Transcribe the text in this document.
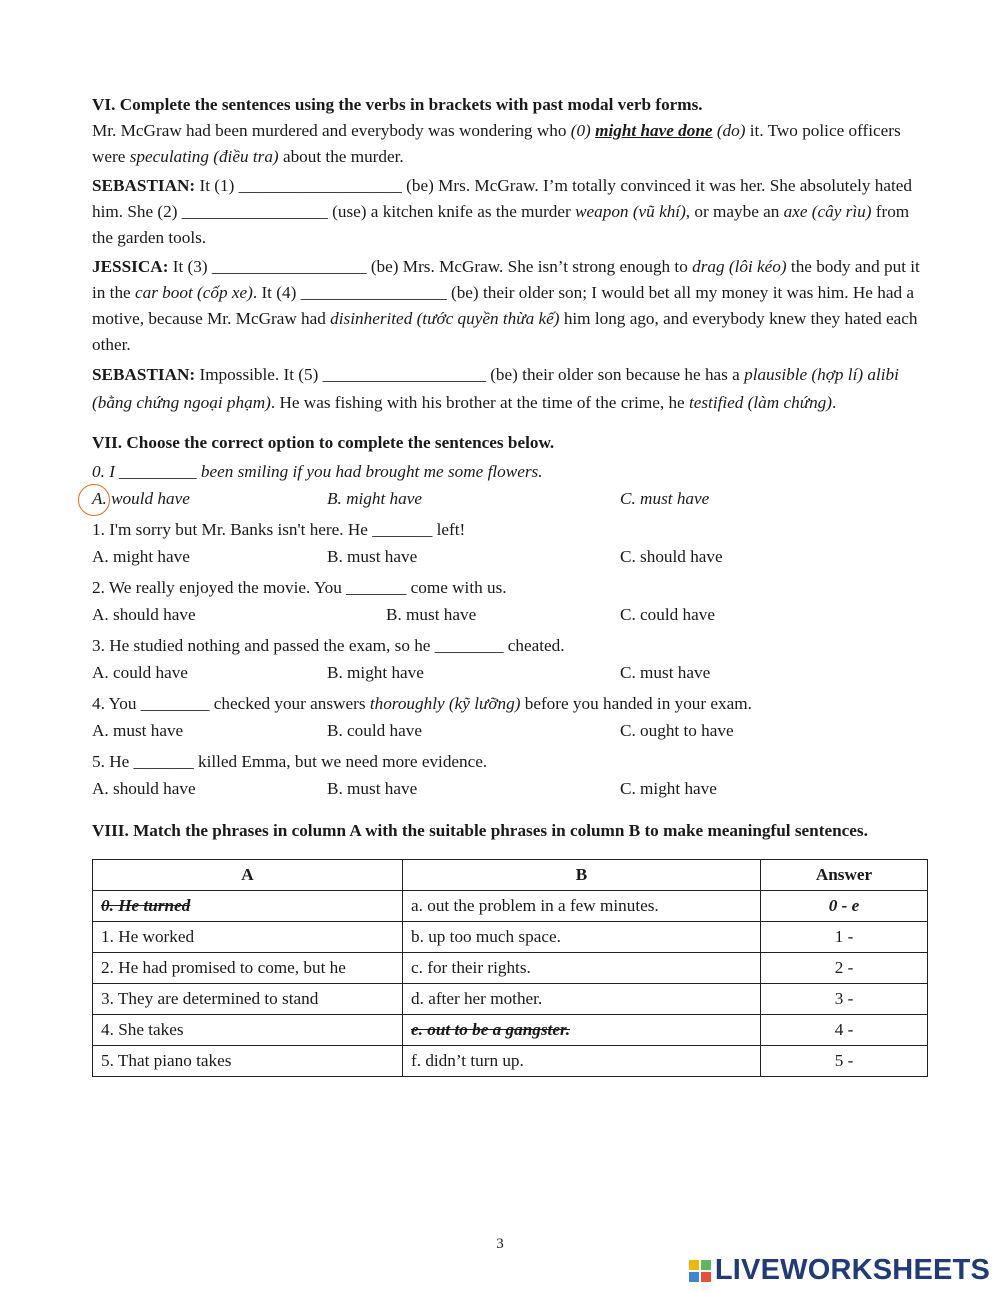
VI. Complete the sentences using the verbs in brackets with past modal verb forms.

Mr. McGraw had been murdered and everybody was wondering who (0) might have done (do) it. Two police officers were speculating (điều tra) about the murder.

SEBASTIAN: It (1) ___________________ (be) Mrs. McGraw. I’m totally convinced it was her. She absolutely hated him. She (2) _________________ (use) a kitchen knife as the murder weapon (vũ khí), or maybe an axe (cây rìu) from the garden tools.

JESSICA: It (3) __________________ (be) Mrs. McGraw. She isn’t strong enough to drag (lôi kéo) the body and put it in the car boot (cốp xe). It (4) _________________ (be) their older son; I would bet all my money it was him. He had a motive, because Mr. McGraw had disinherited (tước quyền thừa kế) him long ago, and everybody knew they hated each other.

SEBASTIAN: Impossible. It (5) ___________________ (be) their older son because he has a plausible (hợp lí) alibi (bằng chứng ngoại phạm). He was fishing with his brother at the time of the crime, he testified (làm chứng).

VII. Choose the correct option to complete the sentences below.

0. I _________ been smiling if you had brought me some flowers.

A. would have	B. might have	C. must have

1. I'm sorry but Mr. Banks isn't here. He _______ left!

A. might have	B. must have	C. should have

2. We really enjoyed the movie. You _______ come with us.

A. should have	B. must have	C. could have

3. He studied nothing and passed the exam, so he ________ cheated.

A. could have	B. might have	C. must have

4. You ________ checked your answers thoroughly (kỹ lưỡng) before you handed in your exam.

A. must have	B. could have	C. ought to have

5. He _______ killed Emma, but we need more evidence.

A. should have	B. must have	C. might have

VIII. Match the phrases in column A with the suitable phrases in column B to make meaningful sentences.

A	B	Answer
0. He turned	a. out the problem in a few minutes.	0 - e
1. He worked	b. up too much space.	1 -
2. He had promised to come, but he	c. for their rights.	2 -
3. They are determined to stand	d. after her mother.	3 -
4. She takes	e. out to be a gangster.	4 -
5. That piano takes	f. didn’t turn up.	5 -
3
LIVEWORKSHEETS
